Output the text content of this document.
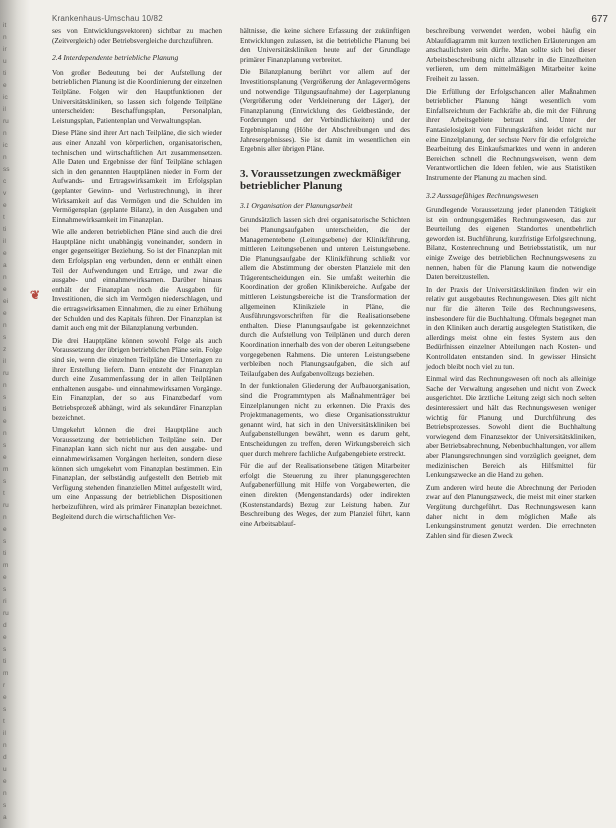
it
n
ir
u
ti
e
ic
il
ru
n
ic
n
ss
c
v
e
t
ti
il
e
a
n
e
ei
e
n
s
z
il
ru
n
s
ti
e
n
s
e
m
s
t
ru
n
e
s
ti
m
e
s
ri
ru
d
e
s
ti
m
r
e
s
t
il
n
d
u
e
n
s
a
❦
Krankenhaus-Umschau 10/82	677

ses von Entwicklungsvektoren) sichtbar zu machen (Zeitvergleich) oder Betriebsvergleiche durchzuführen.

2.4 Interdependente betriebliche Planung

Von großer Bedeutung bei der Aufstellung der betrieblichen Planung ist die Koordinierung der einzelnen Teilpläne. Folgen wir den Hauptfunktionen der Universitätskliniken, so lassen sich folgende Teilpläne unterscheiden: Beschaffungsplan, Personalplan, Leistungsplan, Patientenplan und Verwaltungsplan.

Diese Pläne sind ihrer Art nach Teilpläne, die sich wieder aus einer Anzahl von körperlichen, organisatorischen, technischen und wirtschaftlichen Art zusammensetzen. Alle Daten und Ergebnisse der fünf Teilpläne schlagen sich in den genannten Hauptplänen nieder in Form der Aufwands- und Ertragswirksamkeit im Erfolgsplan (geplanter Gewinn- und Verlustrechnung), in ihrer Wirksamkeit auf das Vermögen und die Schulden im Vermögensplan (geplante Bilanz), in den Ausgaben und Einnahmewirksamkeit im Finanzplan.

Wie alle anderen betrieblichen Pläne sind auch die drei Hauptpläne nicht unabhängig voneinander, sondern in enger gegenseitiger Beziehung. So ist der Finanzplan mit dem Erfolgsplan eng verbunden, denn er enthält einen Teil der Aufwendungen und Erträge, und zwar die ausgabe- und einnahmewirksamen. Darüber hinaus enthält der Finanzplan noch die Ausgaben für Investitionen, die sich im Vermögen niederschlagen, und die ertragswirksamen Einnahmen, die zu einer Erhöhung der Schulden und des Kapitals führen. Der Finanzplan ist damit auch eng mit der Bilanzplanung verbunden.

Die drei Hauptpläne können sowohl Folge als auch Voraussetzung der übrigen betrieblichen Pläne sein. Folge sind sie, wenn die einzelnen Teilpläne die Unterlagen zu ihrer Erstellung liefern. Dann entsteht der Finanzplan durch eine Zusammenfassung der in allen Teilplänen enthaltenen ausgabe- und einnahmewirksamen Vorgänge. Ein Finanzplan, der so aus Finanzbedarf vom Betriebsprozeß abhängt, wird als sekundärer Finanzplan bezeichnet.

Umgekehrt können die drei Hauptpläne auch Voraussetzung der betrieblichen Teilpläne sein. Der Finanzplan kann sich nicht nur aus den ausgabe- und einnahmewirksamen Vorgängen herleiten, sondern diese können sich umgekehrt vom Finanzplan bestimmen. Ein Finanzplan, der selbständig aufgestellt den Betrieb mit Verfügung stehenden finanziellen Mittel aufgestellt wird, um eine Anpassung der betrieblichen Dispositionen herbeizuführen, wird als primärer Finanzplan bezeichnet. Begleitend durch die wirtschaftlichen Ver-

hältnisse, die keine sichere Erfassung der zukünftigen Entwicklungen zulassen, ist die betriebliche Planung bei den Universitätskliniken heute auf der Grundlage primärer Finanzplanung verbreitet.

Die Bilanzplanung berührt vor allem auf der Investitionsplanung (Vergrößerung der Anlagevermögens und notwendige Tilgungsaufnahme) der Lagerplanung (Vergrößerung oder Verkleinerung der Läger), der Finanzplanung (Entwicklung des Geldbestände, der Forderungen und der Verbindlichkeiten) und der Ergebnisplanung (Höhe der Abschreibungen und des Jahresergebnisses). Sie ist damit im wesentlichen ein Ergebnis aller übrigen Pläne.

3. Voraussetzungen zweckmäßiger betrieblicher Planung

3.1 Organisation der Planungsarbeit

Grundsätzlich lassen sich drei organisatorische Schichten bei Planungsaufgaben unterscheiden, die der Managementebene (Leitungsebene) der Klinikführung, mittleren Leitungsebenen und unteren Leistungsebene. Die Planungsaufgabe der Klinikführung schließt vor allem die Abstimmung der obersten Planziele mit den Trägerentscheidungen ein. Sie umfaßt weiterhin die Koordination der großen Klinikbereiche. Aufgabe der mittleren Leistungsbereiche ist die Transformation der allgemeinen Klinikziele in Pläne, die Ausführungsvorschriften für die Realisationsebene enthalten. Diese Planungsaufgabe ist gekennzeichnet durch die Aufstellung von Teilplänen und durch deren Koordination innerhalb des von der oberen Leitungsebene vorgegebenen Rahmens. Die unteren Leistungsebene verbleiben noch Planungsaufgaben, die sich auf Teilaufgaben des Aufgabenvollzugs beziehen.

In der funktionalen Gliederung der Aufbauorganisation, sind die Programmtypen als Maßnahmenträger bei Einzelplanungen nicht zu erkennen. Die Praxis des Projektmanagements, wo diese Organisationsstruktur genannt wird, hat sich in den Universitätskliniken bei Aufgabenstellungen bewährt, wenn es darum geht, Entscheidungen zu treffen, deren Wirkungsbereich sich quer durch mehrere fachliche Aufgabengebiete erstreckt.

Für die auf der Realisationsebene tätigen Mitarbeiter erfolgt die Steuerung zu ihrer planungsgerechten Aufgabenerfüllung mit Hilfe von Vorgabewerten, die einen direkten (Mengenstandards) oder indirekten (Kostenstandards) Bezug zur Leistung haben. Zur Beschreibung des Weges, der zum Planziel führt, kann eine Arbeitsablauf-

beschreibung verwendet werden, wobei häufig ein Ablaufdiagramm mit kurzen textlichen Erläuterungen am anschaulichsten sein dürfte. Man sollte sich bei dieser Arbeitsbeschreibung nicht allzusehr in die Einzelheiten verlieren, um dem mittelmäßigen Mitarbeiter keine Freiheit zu lassen.

Die Erfüllung der Erfolgschancen aller Maßnahmen betrieblicher Planung hängt wesentlich vom Einfallsreichtum der Fachkräfte ab, die mit der Führung ihrer Arbeitsgebiete betraut sind. Unter der Fantasielosigkeit von Führungskräften leidet nicht nur eine Einzelplanung, der sechste Nerv für die erfolgreiche Bearbeitung des Einkaufsmarktes und wenn in anderen Bereichen schnell die Rechnungsweisen, wenn dem Verantwortlichen die Ideen fehlen, wie aus Statistiken Instrumente der Planung zu machen sind.

3.2 Aussagefähiges Rechnungswesen

Grundlegende Voraussetzung jeder planenden Tätigkeit ist ein ordnungsgemäßes Rechnungswesen, das zur Beurteilung des eigenen Standortes unentbehrlich geworden ist. Buchführung, kurzfristige Erfolgsrechnung, Bilanz, Kostenrechnung und Betriebsstatistik, um nur einige Zweige des betrieblichen Rechnungswesens zu nennen, haben für die Planung kaum die notwendige Daten bereitzustellen.

In der Praxis der Universitätskliniken finden wir ein relativ gut ausgebautes Rechnungswesen. Dies gilt nicht nur für die älteren Teile des Rechnungswesens, insbesondere für die Buchhaltung. Oftmals begegnet man in den Kliniken auch derartig ausgelegten Statistiken, die allerdings meist ohne ein festes System aus den Bedürfnissen einzelner Abteilungen nach Kosten- und Kontrolldaten entstanden sind. In gewisser Hinsicht jedoch bleibt noch viel zu tun.

Einmal wird das Rechnungswesen oft noch als alleinige Sache der Verwaltung angesehen und nicht von Zweck ausgerichtet. Die ärztliche Leitung zeigt sich noch selten desinteressiert und hält das Rechnungswesen weniger wichtig für Planung und Durchführung des Betriebsprozesses. Sowohl dient die Buchhaltung vorwiegend dem Finanzsektor der Universitätskliniken, aber Betriebsabrechnung, Nebenbuchhaltungen, vor allem aber Planungsrechnungen sind vorzüglich geeignet, dem medizinischen Bereich als Hilfsmittel für Lenkungszwecke an die Hand zu gehen.

Zum anderen wird heute die Abrechnung der Perioden zwar auf den Planungszweck, die meist mit einer starken Vergütung durchgeführt. Das Rechnungswesen kann daher nicht in dem möglichen Maße als Lenkungsinstrument genutzt werden. Die errechneten Zahlen sind für diesen Zweck
